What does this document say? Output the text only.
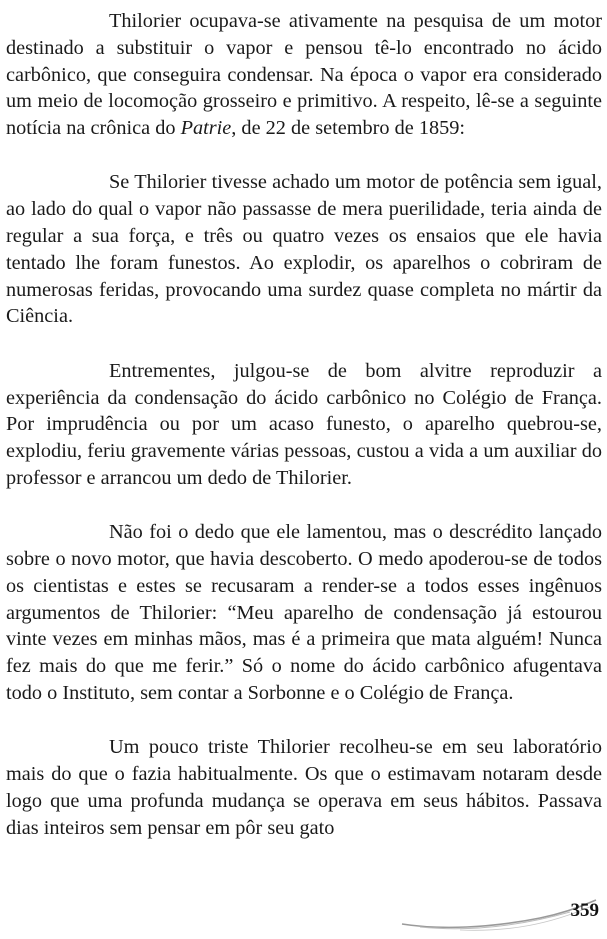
Thilorier ocupava-se ativamente na pesquisa de um motor destinado a substituir o vapor e pensou tê-lo encontrado no ácido carbônico, que conseguira condensar. Na época o vapor era considerado um meio de locomoção grosseiro e primitivo. A respeito, lê-se a seguinte notícia na crônica do Patrie, de 22 de setembro de 1859:

Se Thilorier tivesse achado um motor de potência sem igual, ao lado do qual o vapor não passasse de mera puerilidade, teria ainda de regular a sua força, e três ou quatro vezes os ensaios que ele havia tentado lhe foram funestos. Ao explodir, os aparelhos o cobriram de numerosas feridas, provocando uma surdez quase completa no mártir da Ciência.

Entrementes, julgou-se de bom alvitre reproduzir a experiência da condensação do ácido carbônico no Colégio de França. Por imprudência ou por um acaso funesto, o aparelho quebrou-se, explodiu, feriu gravemente várias pessoas, custou a vida a um auxiliar do professor e arrancou um dedo de Thilorier.

Não foi o dedo que ele lamentou, mas o descrédito lançado sobre o novo motor, que havia descoberto. O medo apoderou-se de todos os cientistas e estes se recusaram a render-se a todos esses ingênuos argumentos de Thilorier: “Meu aparelho de condensação já estourou vinte vezes em minhas mãos, mas é a primeira que mata alguém! Nunca fez mais do que me ferir.” Só o nome do ácido carbônico afugentava todo o Instituto, sem contar a Sorbonne e o Colégio de França.

Um pouco triste Thilorier recolheu-se em seu laboratório mais do que o fazia habitualmente. Os que o estimavam notaram desde logo que uma profunda mudança se operava em seus hábitos. Passava dias inteiros sem pensar em pôr seu gato

359
